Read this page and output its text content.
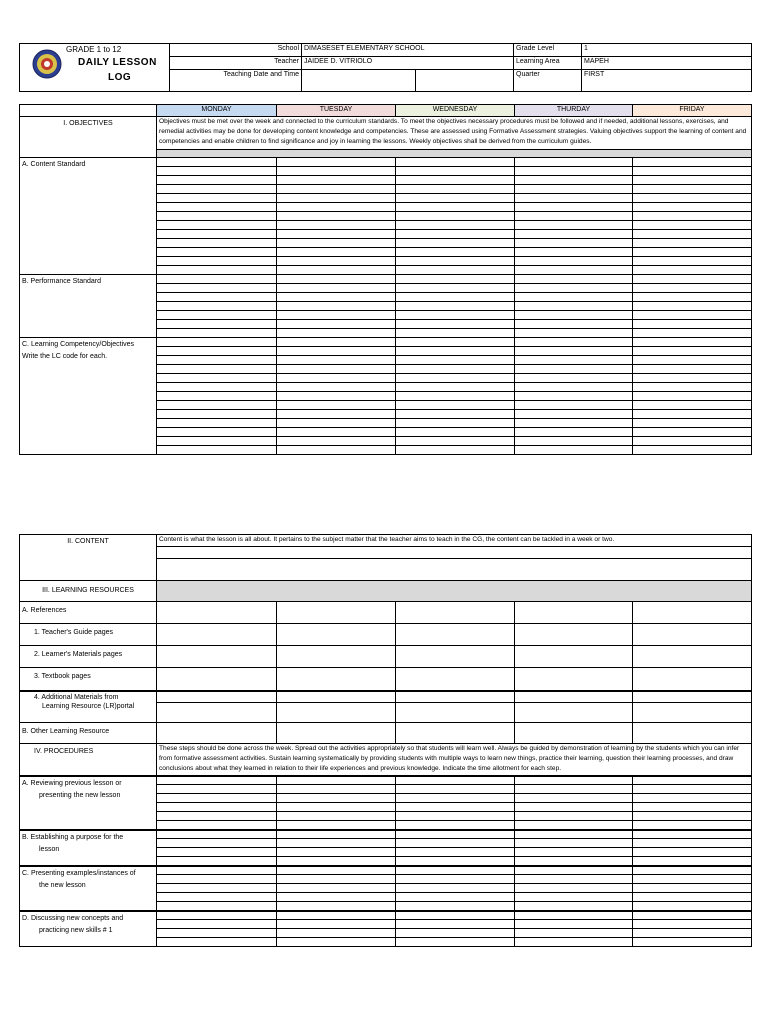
GRADE 1 to 12
DAILY LESSON
LOG	School	DIMASESET ELEMENTARY SCHOOL		Grade Level	1
	Teacher	JAIDEE D. VITRIOLO		Learning Area	MAPEH
	Teaching Date and Time			Quarter	FIRST
	MONDAY	TUESDAY	WEDNESDAY	THURDAY	FRIDAY
I. OBJECTIVES	Objectives must be met over the week and connected to the curriculum standards. To meet the objectives necessary procedures must be followed and if needed, additional lessons, exercises, and remedial activities may be done for developing content knowledge and competencies. These are assessed using Formative Assessment strategies. Valuing objectives support the learning of content and competencies and enable children to find significance and joy in learning the lessons. Weekly objectives shall be derived from the curriculum guides.				

A. Content Standard					

B. Performance Standard					

C. Learning Competency/Objectives
Write the LC code for each.					

II. CONTENT	Content is what the lesson is all about. It pertains to the subject matter that the teacher aims to teach in the CG, the content can be tackled in a week or two.				

III. LEARNING RESOURCES					
A. References					
1. Teacher's Guide pages					
2. Learner's Materials pages					
3. Textbook pages					

4. Additional Materials from
Learning Resource (LR)portal					

B. Other Learning Resource					
IV. PROCEDURES	These steps should be done across the week. Spread out the activities appropriately so that students will learn well. Always be guided by demonstration of learning by the students which you can infer from formative assessment activities. Sustain learning systematically by providing students with multiple ways to learn new things, practice their learning, question their learning processes, and draw conclusions about what they learned in relation to their life experiences and previous knowledge. Indicate the time allotment for each step.				

A. Reviewing previous lesson or
presenting the new lesson					

B. Establishing a purpose for the
lesson					

C. Presenting examples/instances of
the new lesson					

D. Discussing new concepts and
practicing new skills # 1					
